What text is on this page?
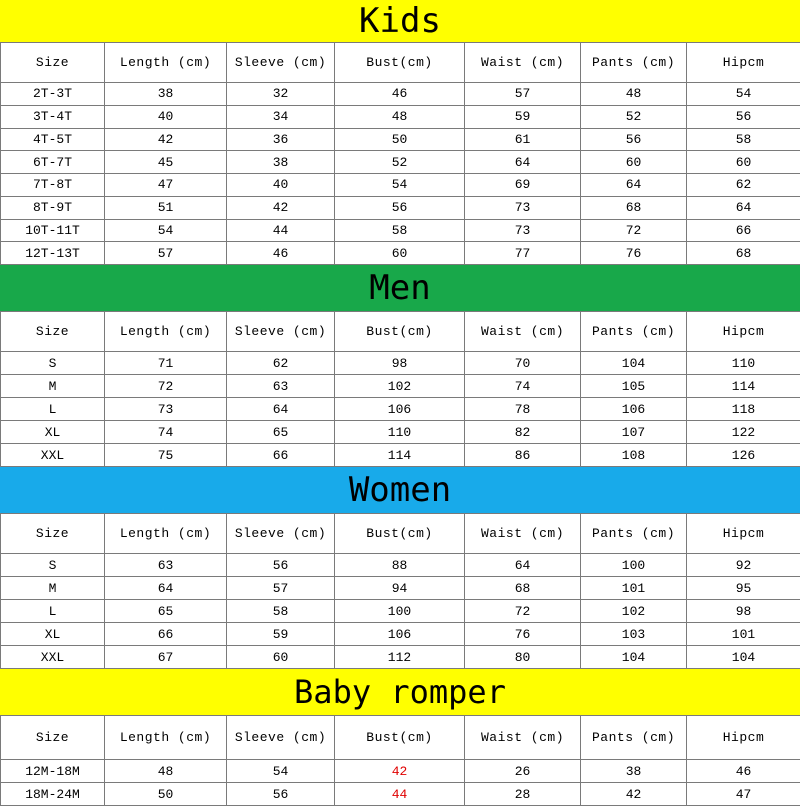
Kids
Size	Length (cm)	Sleeve (cm)	Bust(cm)	Waist (cm)	Pants (cm)	Hipcm
2T-3T	38	32	46	57	48	54
3T-4T	40	34	48	59	52	56
4T-5T	42	36	50	61	56	58
6T-7T	45	38	52	64	60	60
7T-8T	47	40	54	69	64	62
8T-9T	51	42	56	73	68	64
10T-11T	54	44	58	73	72	66
12T-13T	57	46	60	77	76	68
Men
Size	Length (cm)	Sleeve (cm)	Bust(cm)	Waist (cm)	Pants (cm)	Hipcm
S	71	62	98	70	104	110
M	72	63	102	74	105	114
L	73	64	106	78	106	118
XL	74	65	110	82	107	122
XXL	75	66	114	86	108	126
Women
Size	Length (cm)	Sleeve (cm)	Bust(cm)	Waist (cm)	Pants (cm)	Hipcm
S	63	56	88	64	100	92
M	64	57	94	68	101	95
L	65	58	100	72	102	98
XL	66	59	106	76	103	101
XXL	67	60	112	80	104	104
Baby romper
Size	Length (cm)	Sleeve (cm)	Bust(cm)	Waist (cm)	Pants (cm)	Hipcm
12M-18M	48	54	42	26	38	46
18M-24M	50	56	44	28	42	47
